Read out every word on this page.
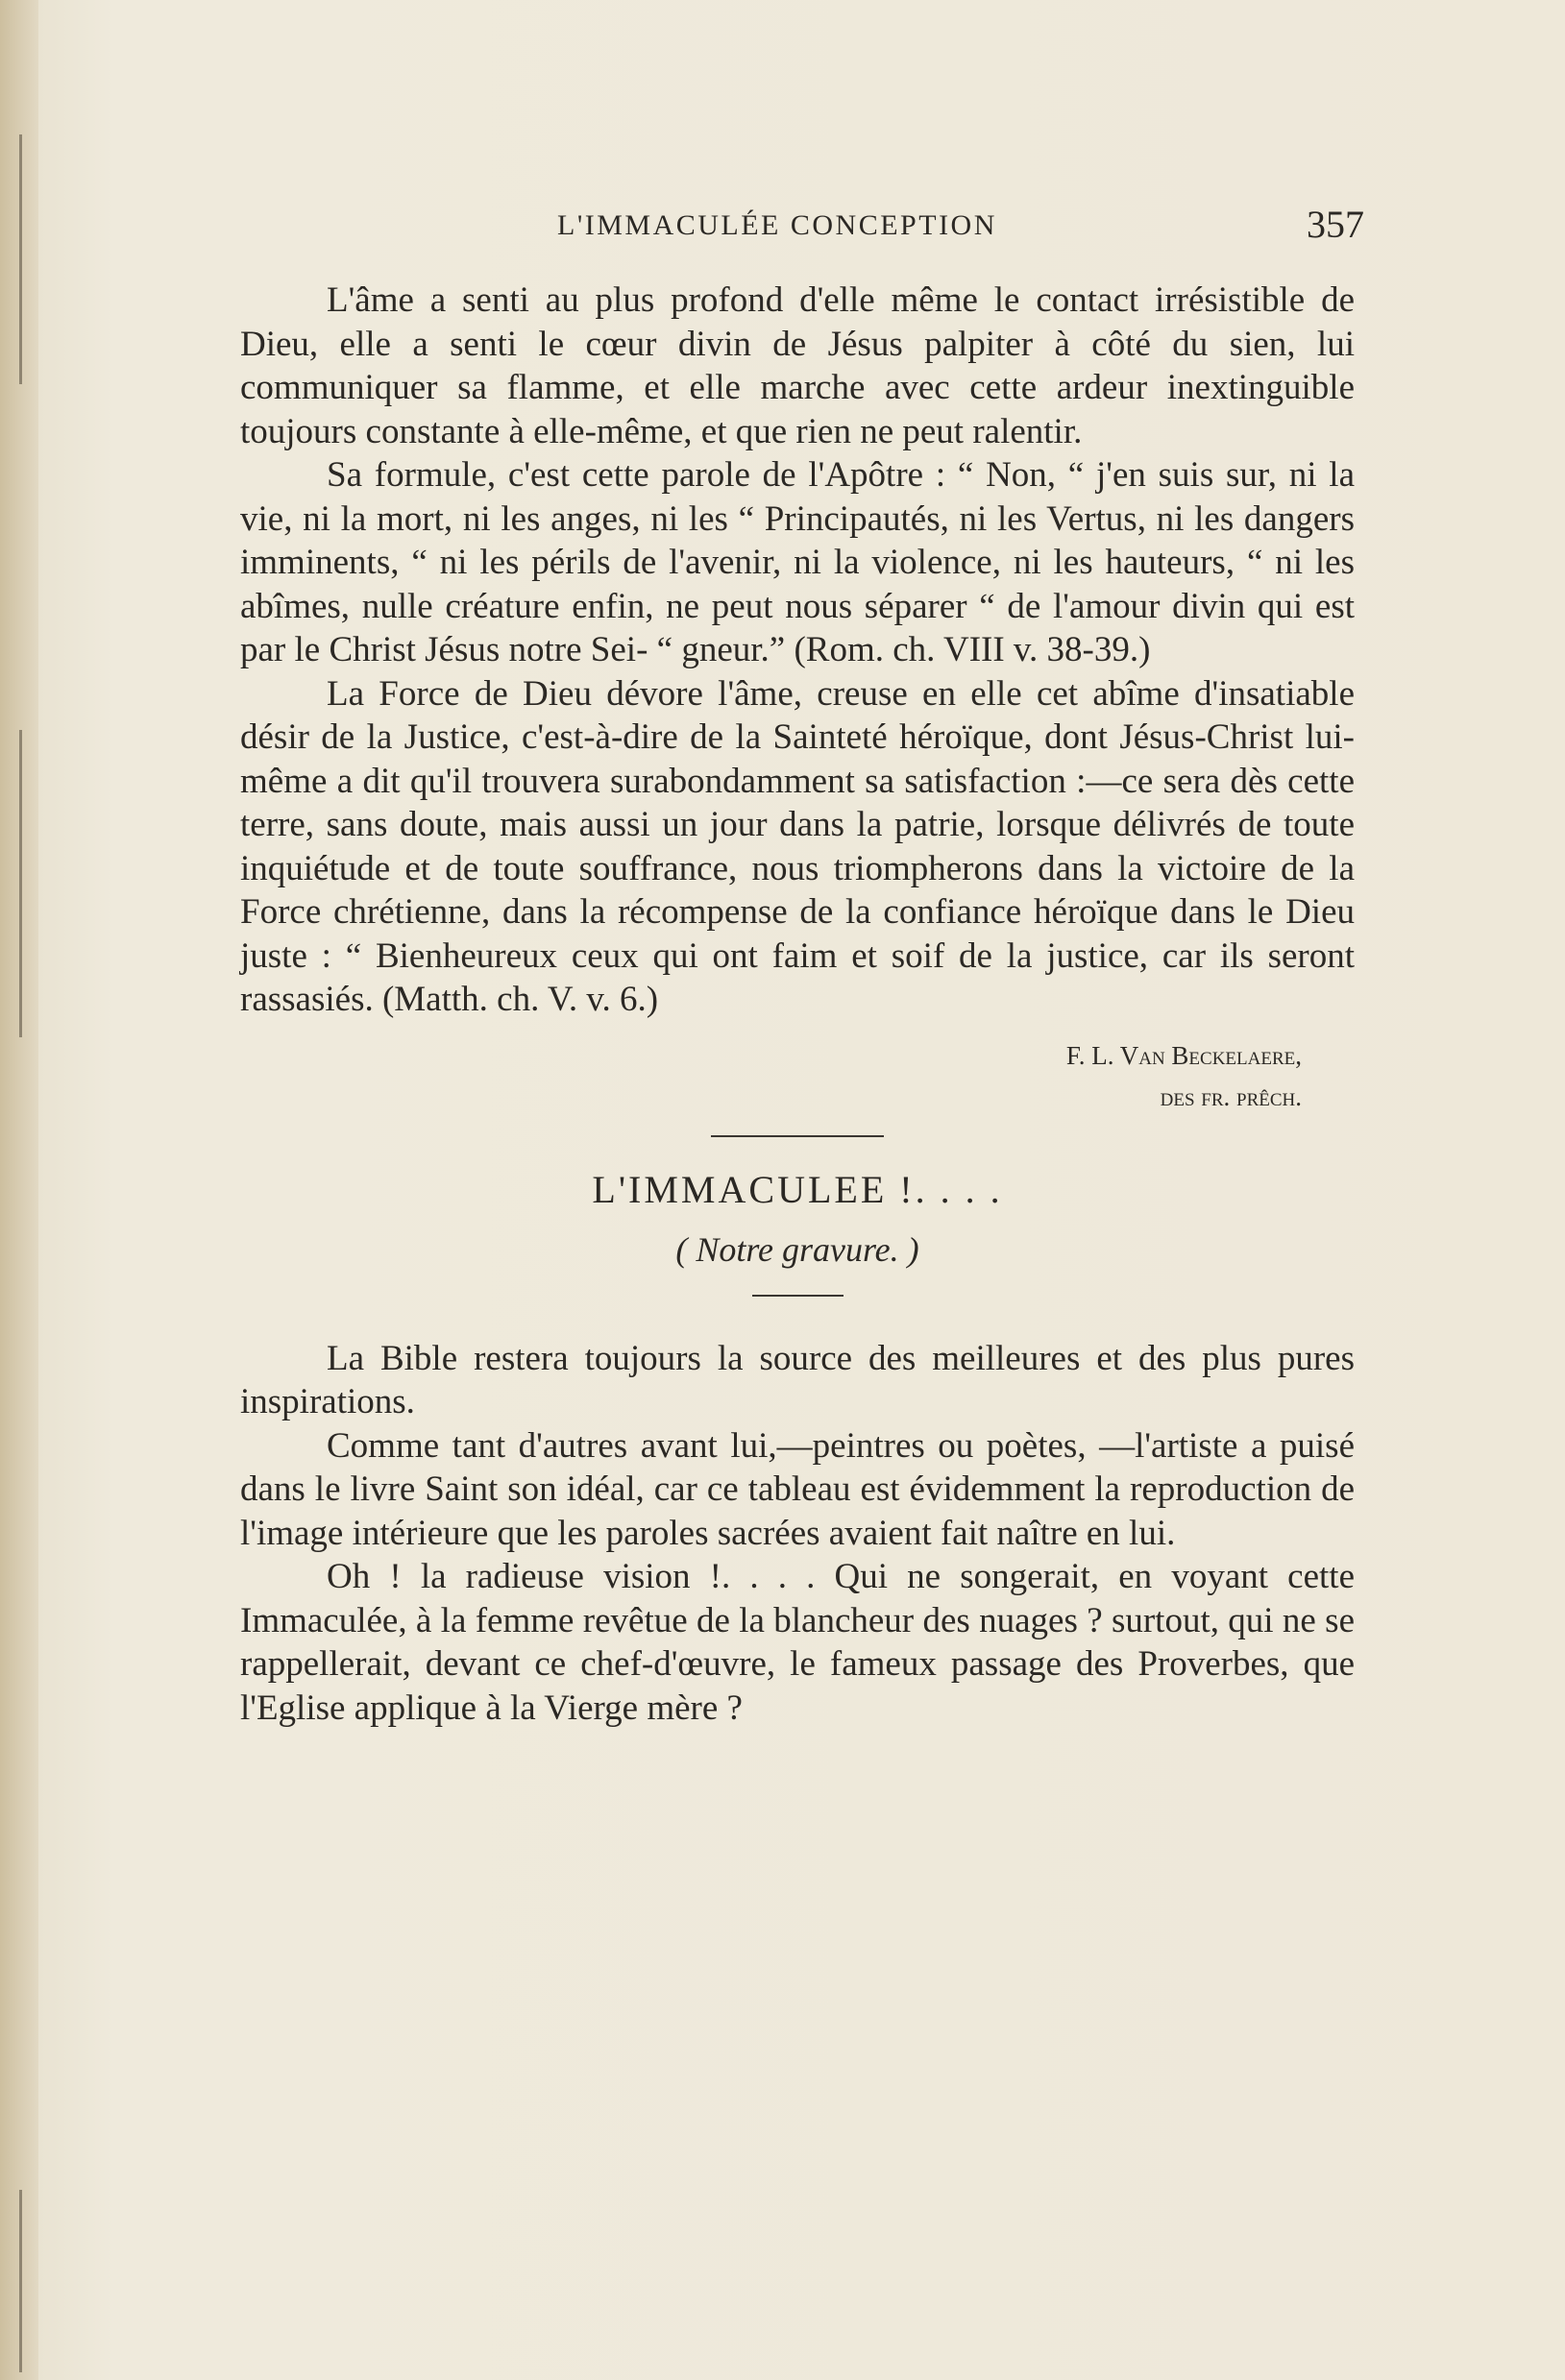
L'IMMACULÉE CONCEPTION	357

L'âme a senti au plus profond d'elle même le contact irrésistible de Dieu, elle a senti le cœur divin de Jésus palpiter à côté du sien, lui communiquer sa flamme, et elle marche avec cette ardeur inextinguible toujours constante à elle-même, et que rien ne peut ralentir.

Sa formule, c'est cette parole de l'Apôtre : “ Non, “ j'en suis sur, ni la vie, ni la mort, ni les anges, ni les “ Principautés, ni les Vertus, ni les dangers imminents, “ ni les périls de l'avenir, ni la violence, ni les hauteurs, “ ni les abîmes, nulle créature enfin, ne peut nous séparer “ de l'amour divin qui est par le Christ Jésus notre Sei- “ gneur.” (Rom. ch. VIII v. 38-39.)

La Force de Dieu dévore l'âme, creuse en elle cet abîme d'insatiable désir de la Justice, c'est-à-dire de la Sainteté héroïque, dont Jésus-Christ lui-même a dit qu'il trouvera surabondamment sa satisfaction :—ce sera dès cette terre, sans doute, mais aussi un jour dans la patrie, lorsque délivrés de toute inquiétude et de toute souffrance, nous triompherons dans la victoire de la Force chrétienne, dans la récompense de la confiance héroïque dans le Dieu juste : “ Bienheureux ceux qui ont faim et soif de la justice, car ils seront rassasiés. (Matth. ch. V. v. 6.)

F. L. Van Beckelaere,
des fr. prêch.
L'IMMACULEE !. . . .
( Notre gravure. )

La Bible restera toujours la source des meilleures et des plus pures inspirations.

Comme tant d'autres avant lui,—peintres ou poètes, —l'artiste a puisé dans le livre Saint son idéal, car ce tableau est évidemment la reproduction de l'image intérieure que les paroles sacrées avaient fait naître en lui.

Oh ! la radieuse vision !. . . . Qui ne songerait, en voyant cette Immaculée, à la femme revêtue de la blancheur des nuages ? surtout, qui ne se rappellerait, devant ce chef-d'œuvre, le fameux passage des Proverbes, que l'Eglise applique à la Vierge mère ?
